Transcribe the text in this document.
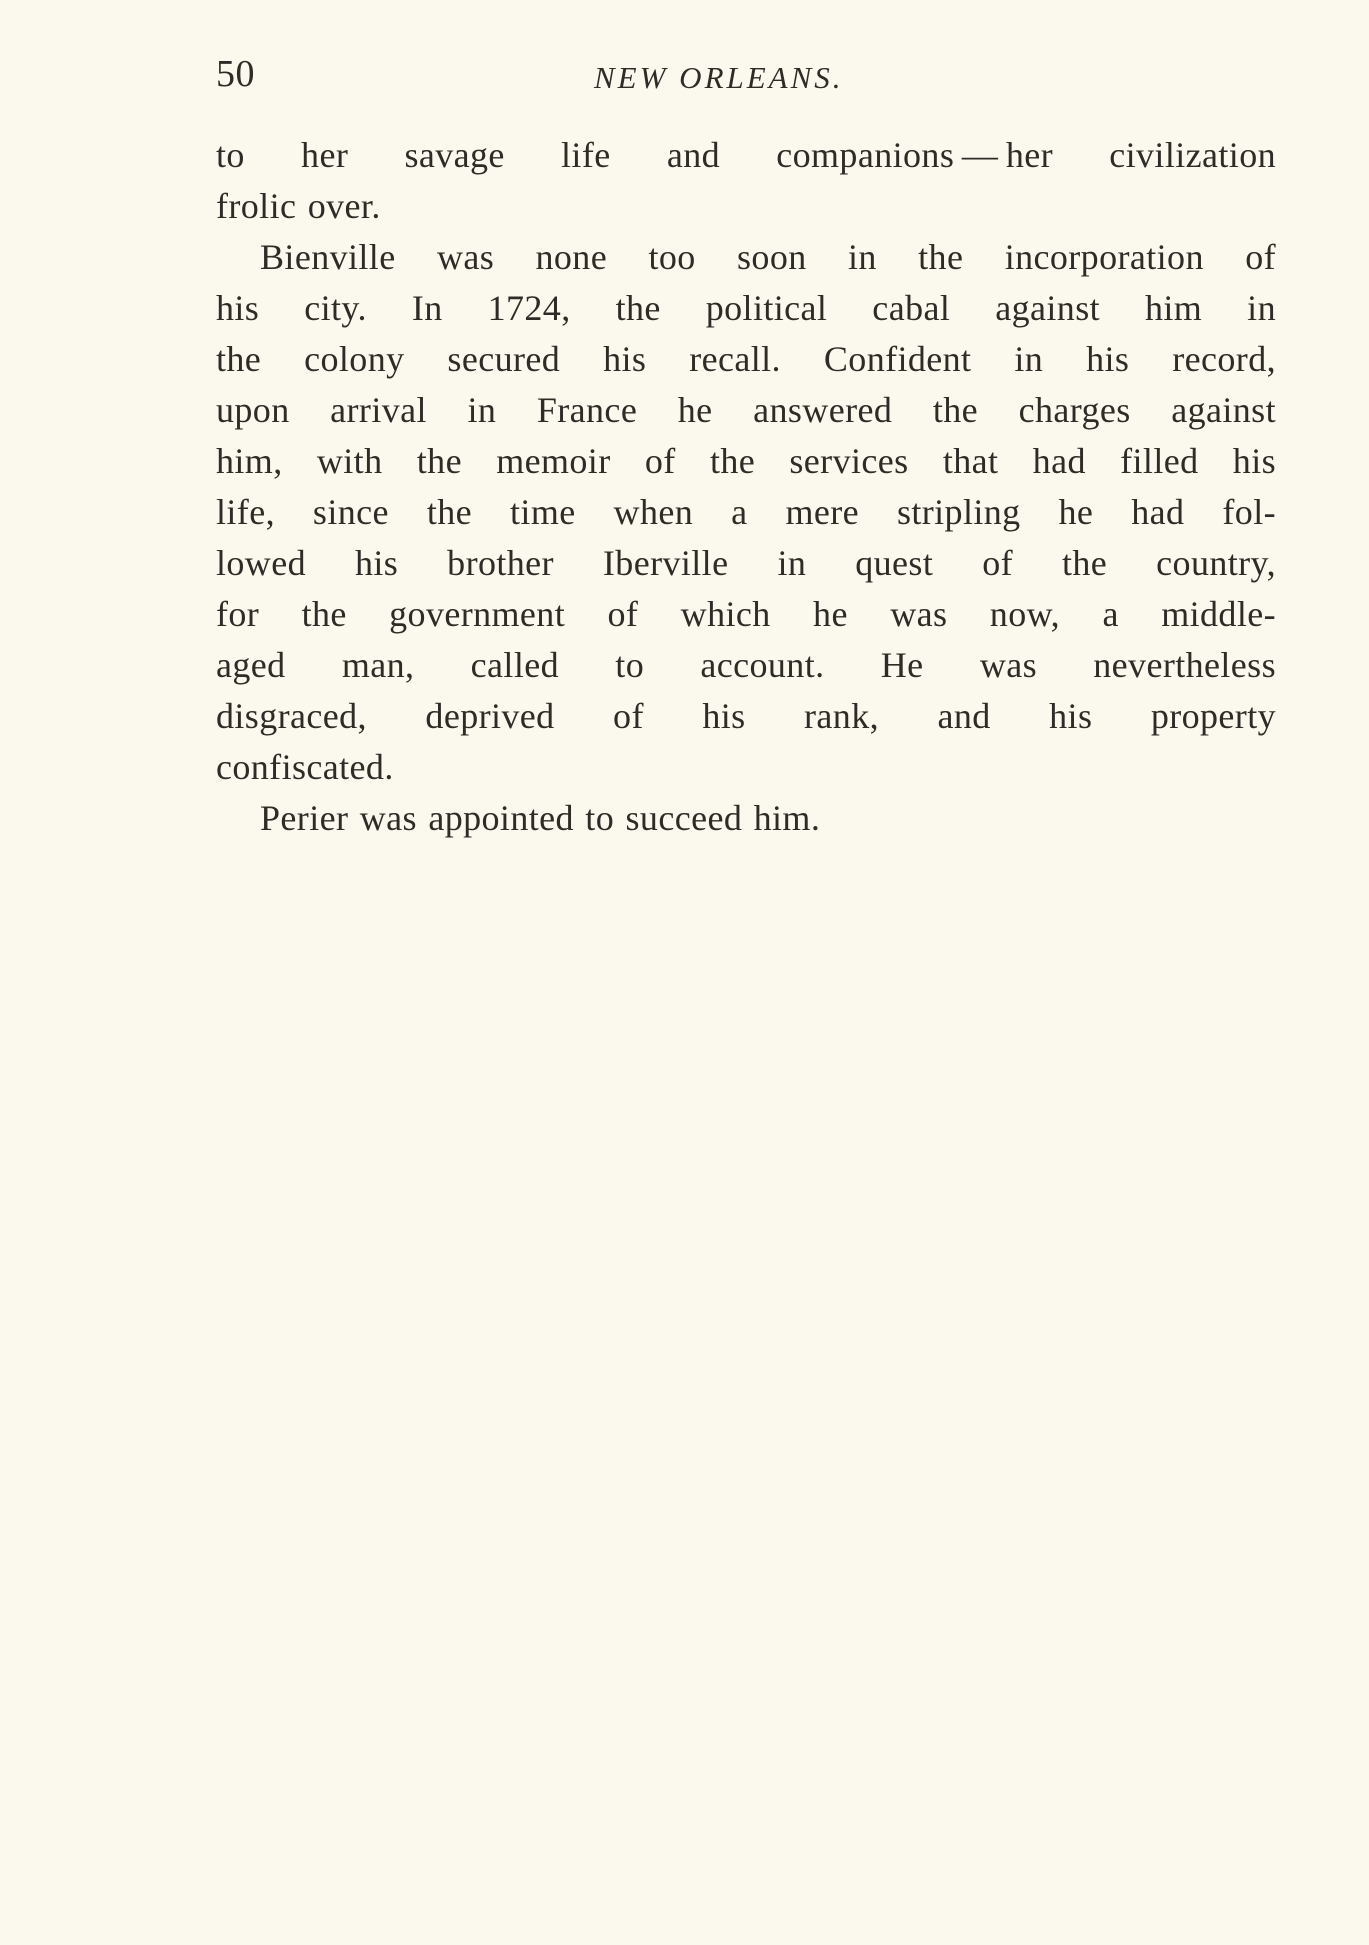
50	NEW ORLEANS.

to her savage life and companions — her civilization
frolic over.

Bienville was none too soon in the incorporation of
his city. In 1724, the political cabal against him in
the colony secured his recall. Confident in his record,
upon arrival in France he answered the charges against
him, with the memoir of the services that had filled his
life, since the time when a mere stripling he had fol-
lowed his brother Iberville in quest of the country,
for the government of which he was now, a middle-
aged man, called to account. He was nevertheless
disgraced, deprived of his rank, and his property
confiscated.

Perier was appointed to succeed him.
